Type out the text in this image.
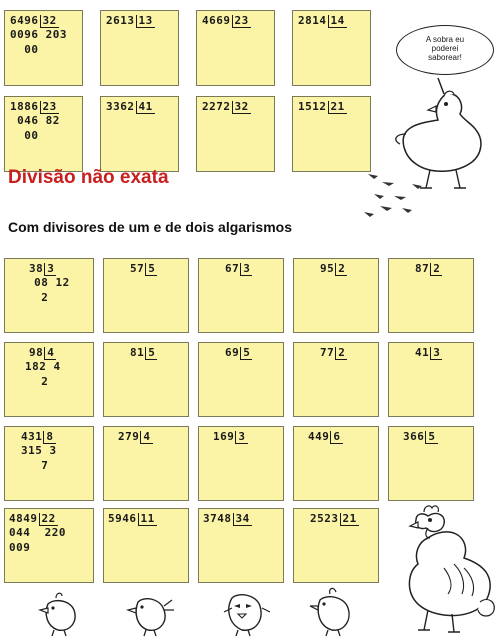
6496 32
0096 203
00
2613 13	4669 23	2814 14
1886 23
046 82
00
3362 41	2272 32	1512 21
A sobra eu
poderei
saborear!
Divisão não exata
Com divisores de um e de dois algarismos
38 3
08 12
2
57 5	67 3	95 2	87 2
98 4
182 4
2
81 5	69 5	77 2	41 3
431 8
315 3
7
279 4	169 3	449 6	366 5
4849 22
044  220
009
5946 11	3748 34	2523 21
